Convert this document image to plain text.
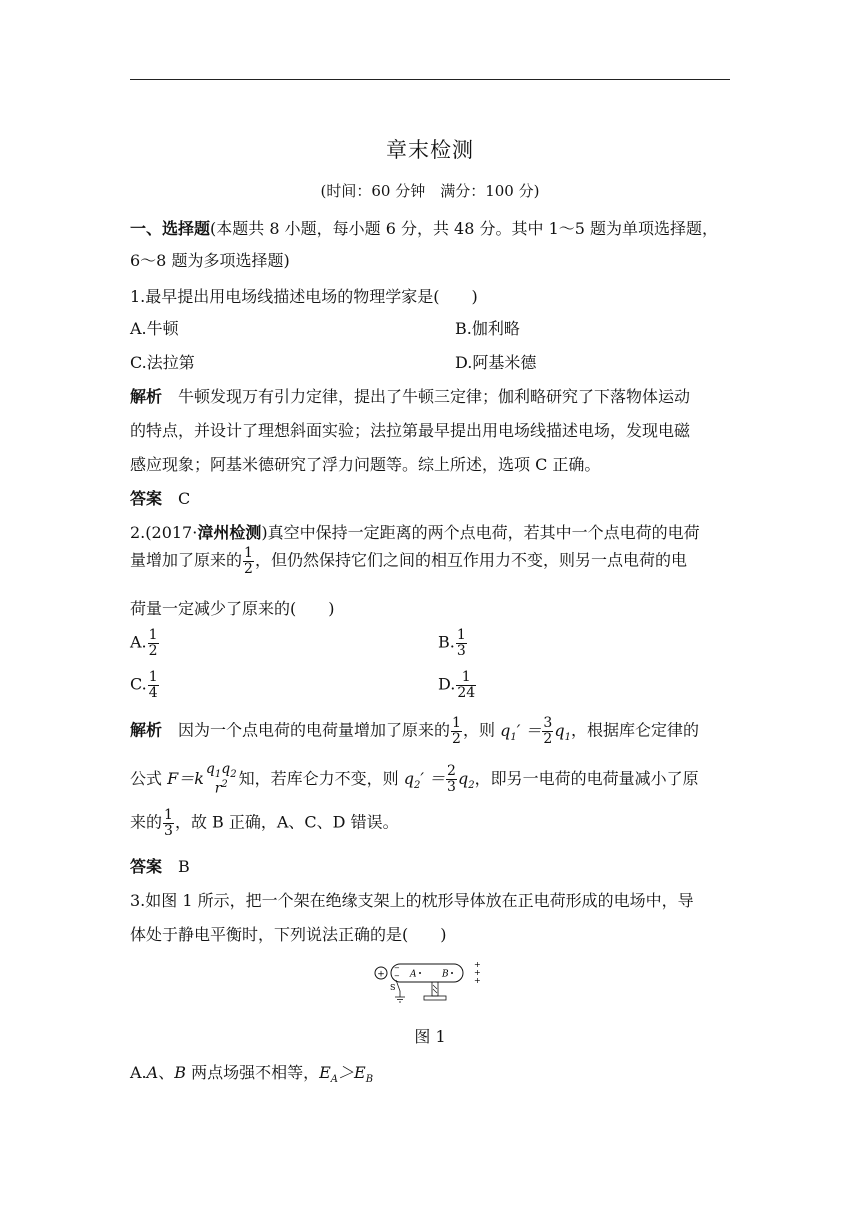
章末检测
(时间：60 分钟　满分：100 分)
一、选择题(本题共 8 小题，每小题 6 分，共 48 分。其中 1～5 题为单项选择题，
6～8 题为多项选择题)
1.最早提出用电场线描述电场的物理学家是(　　)
A.牛顿	B.伽利略
C.法拉第	D.阿基米德
解析　 牛顿发现万有引力定律，提出了牛顿三定律；伽利略研究了下落物体运动
的特点，并设计了理想斜面实验；法拉第最早提出用电场线描述电场，发现电磁
感应现象；阿基米德研究了浮力问题等。综上所述，选项 C 正确。
答案　 C
2.(2017·漳州检测)真空中保持一定距离的两个点电荷，若其中一个点电荷的电荷
量增加了原来的 $\frac{1}{2}$ ，但仍然保持它们之间的相互作用力不变，则另一点电荷的电
荷量一定减少了原来的(　　)
A. $\frac{1}{2}$	B. $\frac{1}{3}$
C. $\frac{1}{4}$	D. $\frac{1}{24}$
解析　 因为一个点电荷的电荷量增加了原来的 $\frac{1}{2}$ ，则 $q_1' = \frac{3}{2} q_1$，根据库仑定律的
公式 F＝k $q_1q_2$
$r^2$ 知，若库仑力不变，则 $q_2' = \frac{2}{3} q_2$，即另一电荷的电荷量减小了原
来的 $\frac{1}{3}$ ，故 B 正确，A、C、D 错误。
答案　 B
3.如图 1 所示，把一个架在绝缘支架上的枕形导体放在正电荷形成的电场中，导
体处于静电平衡时，下列说法正确的是(　　)
+
−
− A	B
+
+
+
S
图 1
A.A、B 两点场强不相等，$E_A>E_B$
